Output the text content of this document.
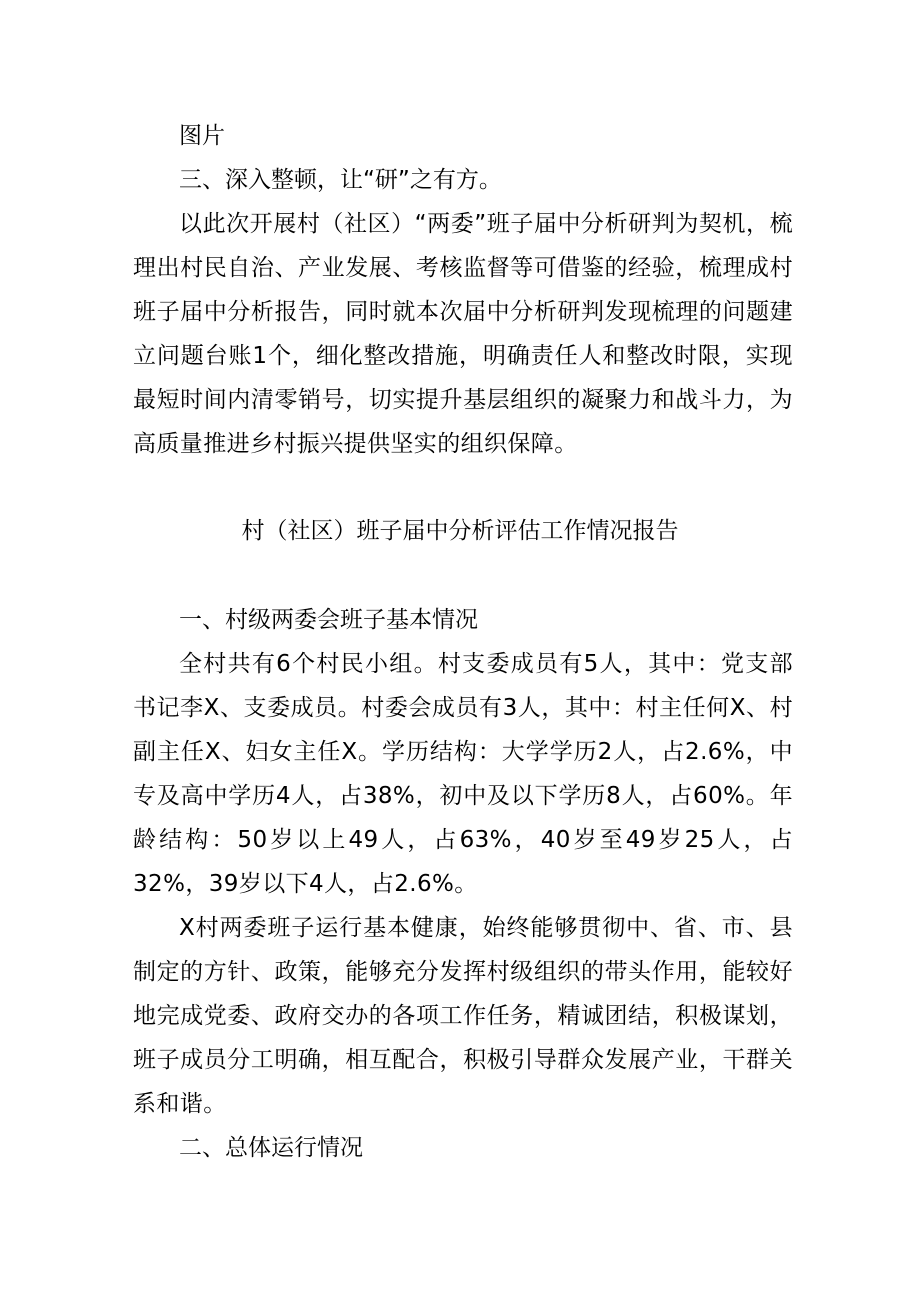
图片
三、深入整顿，让“研”之有方。
以此次开展村（社区）“两委”班子届中分析研判为契机，梳理出村民自治、产业发展、考核监督等可借鉴的经验，梳理成村班子届中分析报告，同时就本次届中分析研判发现梳理的问题建立问题台账1个，细化整改措施，明确责任人和整改时限，实现最短时间内清零销号，切实提升基层组织的凝聚力和战斗力，为高质量推进乡村振兴提供坚实的组织保障。
村（社区）班子届中分析评估工作情况报告
一、村级两委会班子基本情况
全村共有6个村民小组。村支委成员有5人，其中：党支部书记李X、支委成员。村委会成员有3人，其中：村主任何X、村副主任X、妇女主任X。学历结构：大学学历2人，占2.6%，中专及高中学历4人，占38%，初中及以下学历8人，占60%。年龄结构：50岁以上49人，占63%，40岁至49岁25人，占32%，39岁以下4人，占2.6%。
X村两委班子运行基本健康，始终能够贯彻中、省、市、县制定的方针、政策，能够充分发挥村级组织的带头作用，能较好地完成党委、政府交办的各项工作任务，精诚团结，积极谋划，班子成员分工明确，相互配合，积极引导群众发展产业，干群关系和谐。
二、总体运行情况
